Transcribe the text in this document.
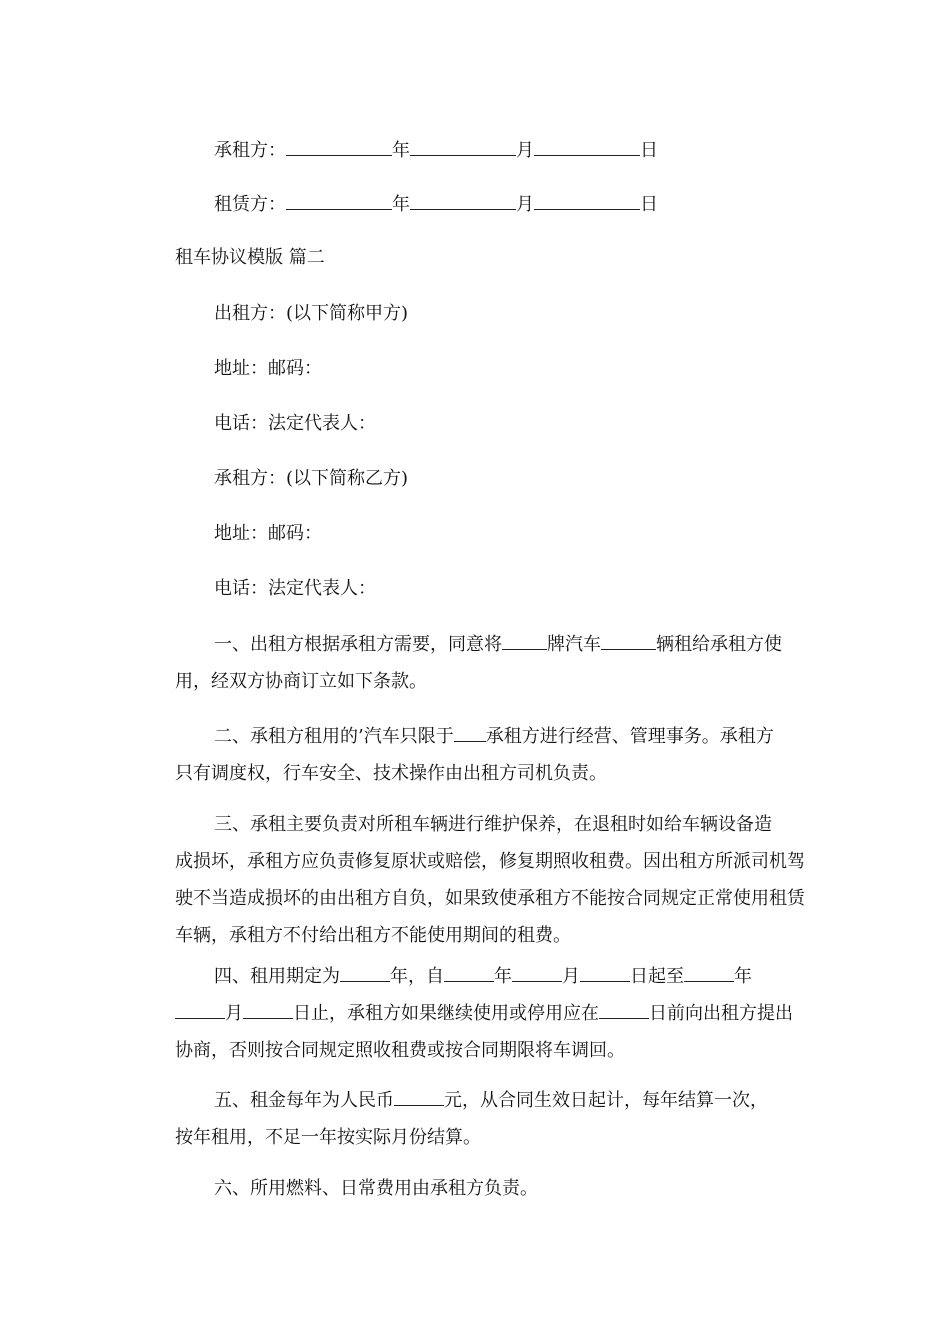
承租方：	年	月	日
租赁方：	年	月	日
租车协议模版 篇二
出租方：(以下简称甲方)
地址：邮码：
电话：法定代表人：
承租方：(以下简称乙方)
地址：邮码：
电话：法定代表人：

一、出租方根据承租方需要，同意将	牌汽车	辆租给承租方使

用，经双方协商订立如下条款。

二、承租方租用的’汽车只限于 承租方进行经营、管理事务。承租方

只有调度权，行车安全、技术操作由出租方司机负责。

三、承租主要负责对所租车辆进行维护保养，在退租时如给车辆设备造

成损坏，承租方应负责修复原状或赔偿，修复期照收租费。因出租方所派司机驾

驶不当造成损坏的由出租方自负，如果致使承租方不能按合同规定正常使用租赁

车辆，承租方不付给出租方不能使用期间的租费。

四、租用期定为	年，自	年	月	日起至	年

月	日止，承租方如果继续使用或停用应在	日前向出租方提出

协商，否则按合同规定照收租费或按合同期限将车调回。

五、租金每年为人民币	元，从合同生效日起计，每年结算一次，

按年租用，不足一年按实际月份结算。

六、所用燃料、日常费用由承租方负责。
